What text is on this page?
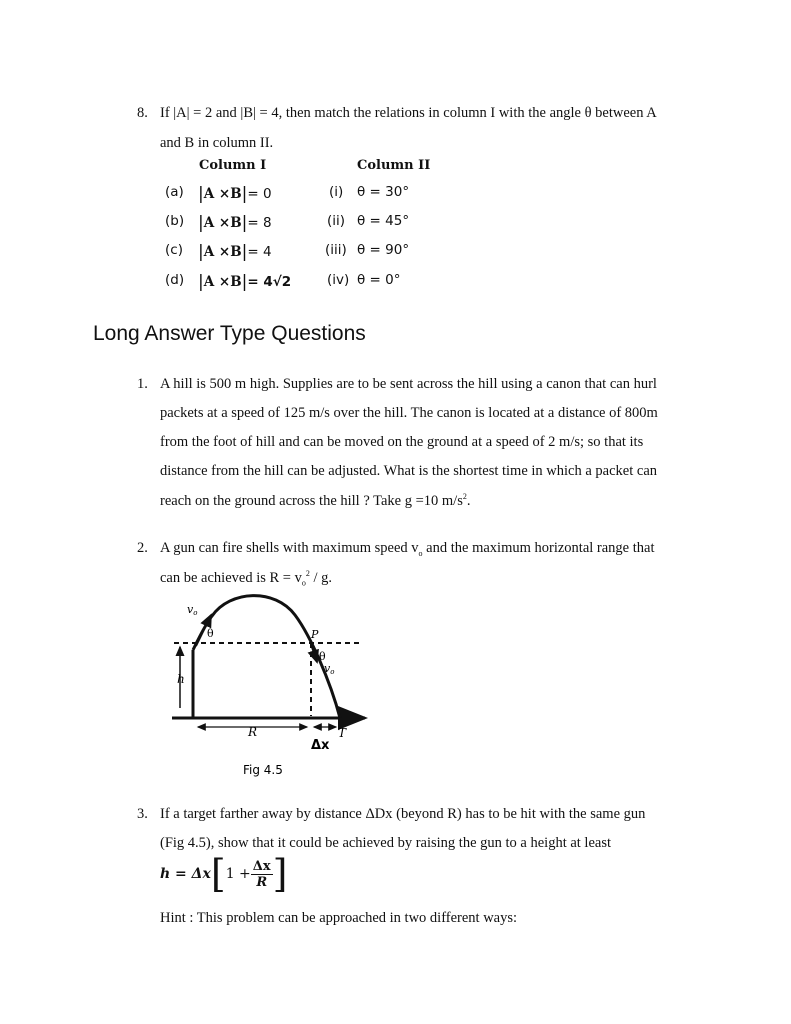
8. If |A| = 2 and |B| = 4, then match the relations in column I with the angle θ between A
and B in column II.
Column I	Column II
(a) |A ×B|= 0	(i) θ = 30°
(b) |A ×B|= 8	(ii) θ = 45°
(c) |A ×B|= 4	(iii) θ = 90°
(d) |A ×B|= 4√2	(iv) θ = 0°
Long Answer Type Questions
1. A hill is 500 m high. Supplies are to be sent across the hill using a canon that can hurl
packets at a speed of 125 m/s over the hill. The canon is located at a distance of 800m
from the foot of hill and can be moved on the ground at a speed of 2 m/s; so that its
distance from the hill can be adjusted. What is the shortest time in which a packet can
reach on the ground across the hill ? Take g =10 $m/s^2$.
2. A gun can fire shells with maximum speed $v_o$ and the maximum horizontal range that
can be achieved is $R = v_o^2 / g$.
vo
θ	P
θ
vo
h
R	T
Δx
Fig 4.5
3. If a target farther away by distance ΔDx (beyond R) has to be hit with the same gun
(Fig 4.5), show that it could be achieved by raising the gun to a height at least
$h = \Delta x[1 + \frac{\Delta x}{R}$ ]
Hint : This problem can be approached in two different ways:
